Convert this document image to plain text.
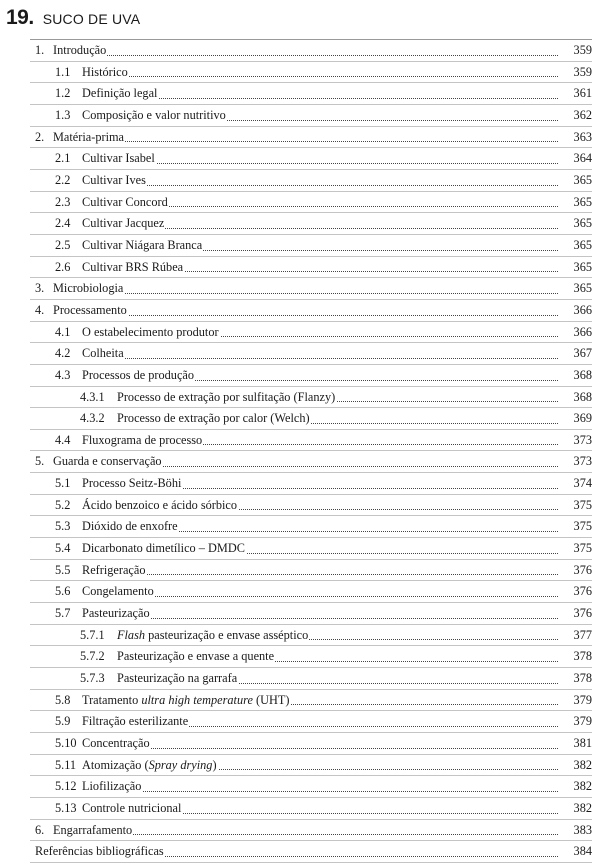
19. SUCO DE UVA
1. Introdução	359
1.1 Histórico	359
1.2 Definição legal	361
1.3 Composição e valor nutritivo	362
2. Matéria-prima	363
2.1 Cultivar Isabel	364
2.2 Cultivar Ives	365
2.3 Cultivar Concord	365
2.4 Cultivar Jacquez	365
2.5 Cultivar Niágara Branca	365
2.6 Cultivar BRS Rúbea	365
3. Microbiologia	365
4. Processamento	366
4.1 O estabelecimento produtor	366
4.2 Colheita	367
4.3 Processos de produção	368
4.3.1 Processo de extração por sulfitação (Flanzy)	368
4.3.2 Processo de extração por calor (Welch)	369
4.4 Fluxograma de processo	373
5. Guarda e conservação	373
5.1 Processo Seitz-Böhi	374
5.2 Ácido benzoico e ácido sórbico	375
5.3 Dióxido de enxofre	375
5.4 Dicarbonato dimetílico – DMDC	375
5.5 Refrigeração	376
5.6 Congelamento	376
5.7 Pasteurização	376
5.7.1 Flash pasteurização e envase asséptico	377
5.7.2 Pasteurização e envase a quente	378
5.7.3 Pasteurização na garrafa	378
5.8 Tratamento ultra high temperature (UHT)	379
5.9 Filtração esterilizante	379
5.10 Concentração	381
5.11 Atomização (Spray drying)	382
5.12 Liofilização	382
5.13 Controle nutricional	382
6. Engarrafamento	383
Referências bibliográficas	384
